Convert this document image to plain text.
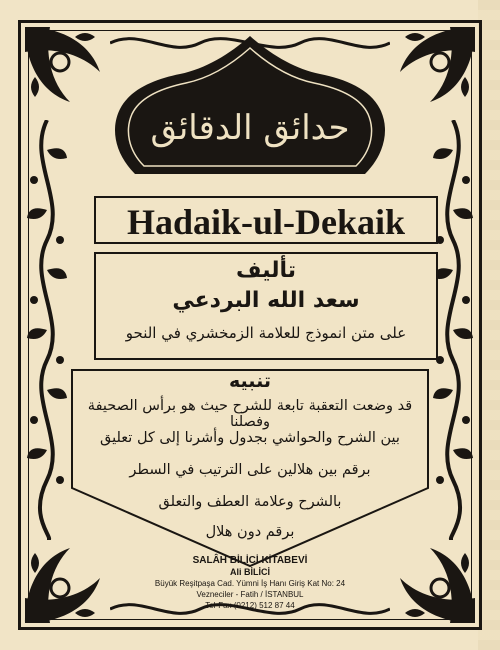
حدائق الدقائق
Hadaik-ul-Dekaik
تأليف
سعد الله البردعي
على متن انموذج للعلامة الزمخشري في النحو
تنبيه
قد وضعت التعقبة تابعة للشرح حيث هو برأس الصحيفة وفصلنا
بين الشرح والحواشي بجدول وأشرنا إلى كل تعليق
برقم بين هلالين على الترتيب في السطر
بالشرح وعلامة العطف والتعلق
برقم دون هلال
SALÂH BİLİCİ KİTABEVİ
Ali BİLİCİ
Büyük Reşitpaşa Cad. Yümni İş Hanı Giriş Kat No: 24
Vezneciler - Fatih / İSTANBUL
Tel-Fax (0212) 512 87 44
